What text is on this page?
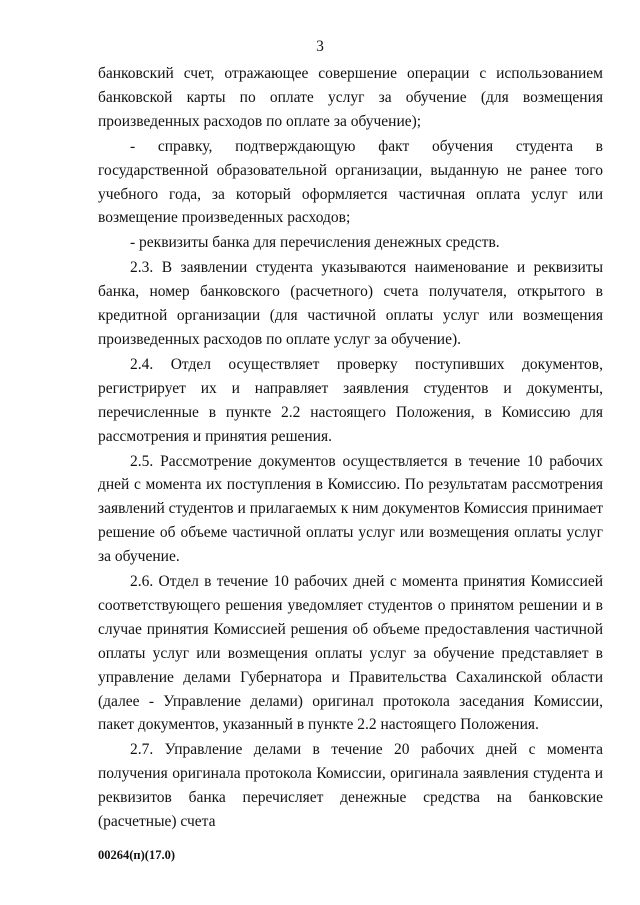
3

банковский счет, отражающее совершение операции с использованием банковской карты по оплате услуг за обучение (для возмещения произведенных расходов по оплате за обучение);

- справку, подтверждающую факт обучения студента в государственной образовательной организации, выданную не ранее того учебного года, за который оформляется частичная оплата услуг или возмещение произведенных расходов;

- реквизиты банка для перечисления денежных средств.

2.3. В заявлении студента указываются наименование и реквизиты банка, номер банковского (расчетного) счета получателя, открытого в кредитной организации (для частичной оплаты услуг или возмещения произведенных расходов по оплате услуг за обучение).

2.4. Отдел осуществляет проверку поступивших документов, регистрирует их и направляет заявления студентов и документы, перечисленные в пункте 2.2 настоящего Положения, в Комиссию для рассмотрения и принятия решения.

2.5. Рассмотрение документов осуществляется в течение 10 рабочих дней с момента их поступления в Комиссию. По результатам рассмотрения заявлений студентов и прилагаемых к ним документов Комиссия принимает решение об объеме частичной оплаты услуг или возмещения оплаты услуг за обучение.

2.6. Отдел в течение 10 рабочих дней с момента принятия Комиссией соответствующего решения уведомляет студентов о принятом решении и в случае принятия Комиссией решения об объеме предоставления частичной оплаты услуг или возмещения оплаты услуг за обучение представляет в управление делами Губернатора и Правительства Сахалинской области (далее - Управление делами) оригинал протокола заседания Комиссии, пакет документов, указанный в пункте 2.2 настоящего Положения.

2.7. Управление делами в течение 20 рабочих дней с момента получения оригинала протокола Комиссии, оригинала заявления студента и реквизитов банка перечисляет денежные средства на банковские (расчетные) счета

00264(п)(17.0)
